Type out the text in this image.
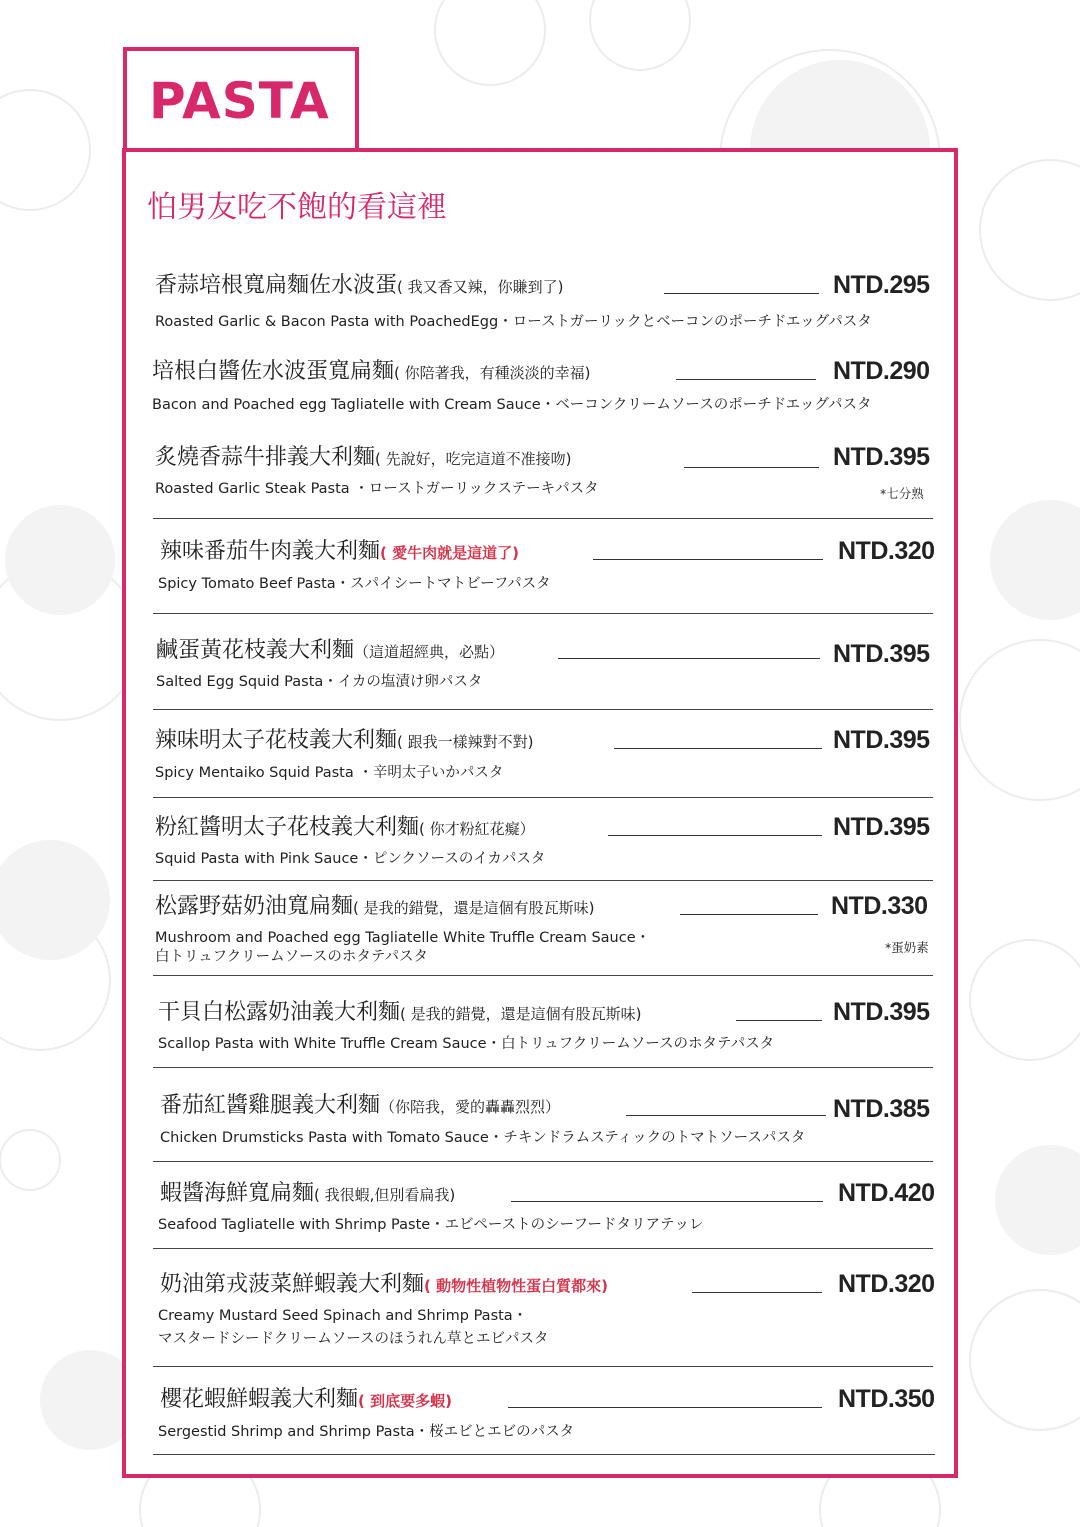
PASTA
怕男友吃不飽的看這裡
香蒜培根寬扁麵佐水波蛋( 我又香又辣，你賺到了)	NTD.295
Roasted Garlic & Bacon Pasta with PoachedEgg・ローストガーリックとベーコンのポーチドエッグパスタ
培根白醬佐水波蛋寬扁麵( 你陪著我，有種淡淡的幸福)	NTD.290
Bacon and Poached egg Tagliatelle with Cream Sauce・ベーコンクリームソースのポーチドエッグパスタ
炙燒香蒜牛排義大利麵( 先說好，吃完這道不准接吻)	NTD.395
Roasted Garlic Steak Pasta ・ローストガーリックステーキパスタ	*七分熟
辣味番茄牛肉義大利麵( 愛牛肉就是這道了)	NTD.320
Spicy Tomato Beef Pasta・スパイシートマトビーフパスタ
鹹蛋黃花枝義大利麵（這道超經典，必點）	NTD.395
Salted Egg Squid Pasta・イカの塩漬け卵パスタ
辣味明太子花枝義大利麵( 跟我一樣辣對不對)	NTD.395
Spicy Mentaiko Squid Pasta ・辛明太子いかパスタ
粉紅醬明太子花枝義大利麵( 你才粉紅花癡）	NTD.395
Squid Pasta with Pink Sauce・ピンクソースのイカパスタ
松露野菇奶油寬扁麵( 是我的錯覺，還是這個有股瓦斯味)	NTD.330
Mushroom and Poached egg Tagliatelle White Truffle Cream Sauce・
白トリュフクリームソースのホタテパスタ
*蛋奶素
干貝白松露奶油義大利麵( 是我的錯覺，還是這個有股瓦斯味)	NTD.395
Scallop Pasta with White Truffle Cream Sauce・白トリュフクリームソースのホタテパスタ
番茄紅醬雞腿義大利麵（你陪我，愛的轟轟烈烈）	NTD.385
Chicken Drumsticks Pasta with Tomato Sauce・チキンドラムスティックのトマトソースパスタ
蝦醬海鮮寬扁麵( 我很蝦,但別看扁我)	NTD.420
Seafood Tagliatelle with Shrimp Paste・エビペーストのシーフードタリアテッレ
奶油第戎菠菜鮮蝦義大利麵( 動物性植物性蛋白質都來)	NTD.320
Creamy Mustard Seed Spinach and Shrimp Pasta・
マスタードシードクリームソースのほうれん草とエビパスタ
櫻花蝦鮮蝦義大利麵( 到底要多蝦)	NTD.350
Sergestid Shrimp and Shrimp Pasta・桜エビとエビのパスタ
